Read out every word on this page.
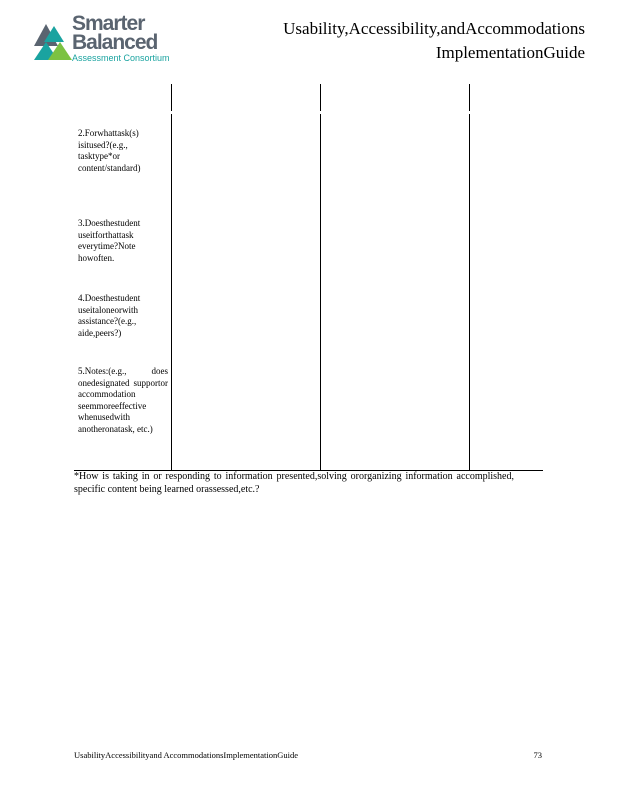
Smarter
Balanced
Assessment Consortium
Usability,Accessibility,andAccommodations
ImplementationGuide
2.Forwhattask(s) isitused?(e.g., tasktype*or content/standard)
3.Doesthestudent useitforthattask everytime?Note howoften.
4.Doesthestudent useitaloneorwith assistance?(e.g., aide,peers?)
5.Notes:(e.g., does onedesignated supportor accommodation seemmoreeffective whenusedwith anotheronatask, etc.)
*How is taking in or responding to information presented,solving ororganizing information accomplished, specific content being learned orassessed,etc.?
UsabilityAccessibilityand AccommodationsImplementationGuide	73
